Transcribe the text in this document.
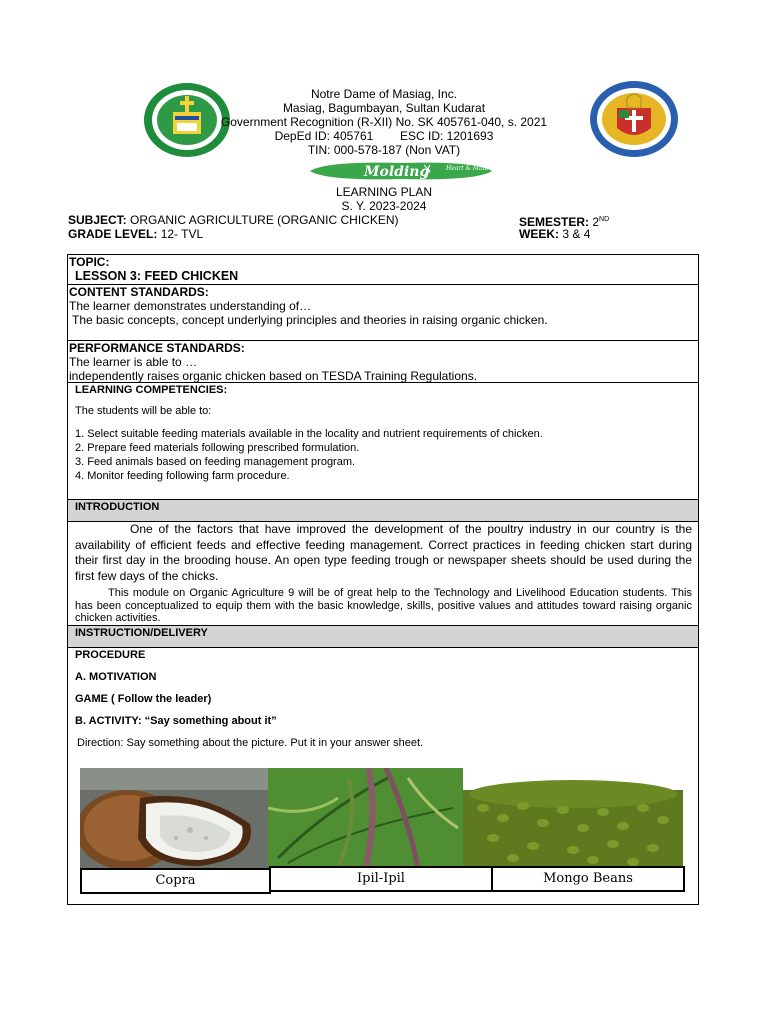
Notre Dame of Masiag, Inc.
Masiag, Bagumbayan, Sultan Kudarat
Government Recognition (R-XII) No. SK 405761-040, s. 2021
DepEd ID: 405761        ESC ID: 1201693
TIN: 000-578-187 (Non VAT)
Molding	Heart & Mind
LEARNING PLAN
S. Y. 2023-2024
SUBJECT: ORGANIC AGRICULTURE (ORGANIC CHICKEN)
GRADE LEVEL: 12- TVL
SEMESTER: 2ND
WEEK: 3 & 4
TOPIC:
LESSON 3: FEED CHICKEN
CONTENT STANDARDS:
The learner demonstrates understanding of…
The basic concepts, concept underlying principles and theories in raising organic chicken.
PERFORMANCE STANDARDS:
The learner is able to …
independently raises organic chicken based on TESDA Training Regulations.
LEARNING COMPETENCIES:
The students will be able to:
1. Select suitable feeding materials available in the locality and nutrient requirements of chicken.
2. Prepare feed materials following prescribed formulation.
3. Feed animals based on feeding management program.
4. Monitor feeding following farm procedure.
INTRODUCTION
One of the factors that have improved the development of the poultry industry in our country is the availability of efficient feeds and effective feeding management. Correct practices in feeding chicken start during their first day in the brooding house. An open type feeding trough or newspaper sheets should be used during the first few days of the chicks.
This module on Organic Agriculture 9 will be of great help to the Technology and Livelihood Education students. This has been conceptualized to equip them with the basic knowledge, skills, positive values and attitudes toward raising organic chicken activities.
INSTRUCTION/DELIVERY
PROCEDURE
A. MOTIVATION
GAME ( Follow the leader)
B. ACTIVITY: “Say something about it”
Direction: Say something about the picture. Put it in your answer sheet.
Copra	Ipil-Ipil	Mongo Beans
